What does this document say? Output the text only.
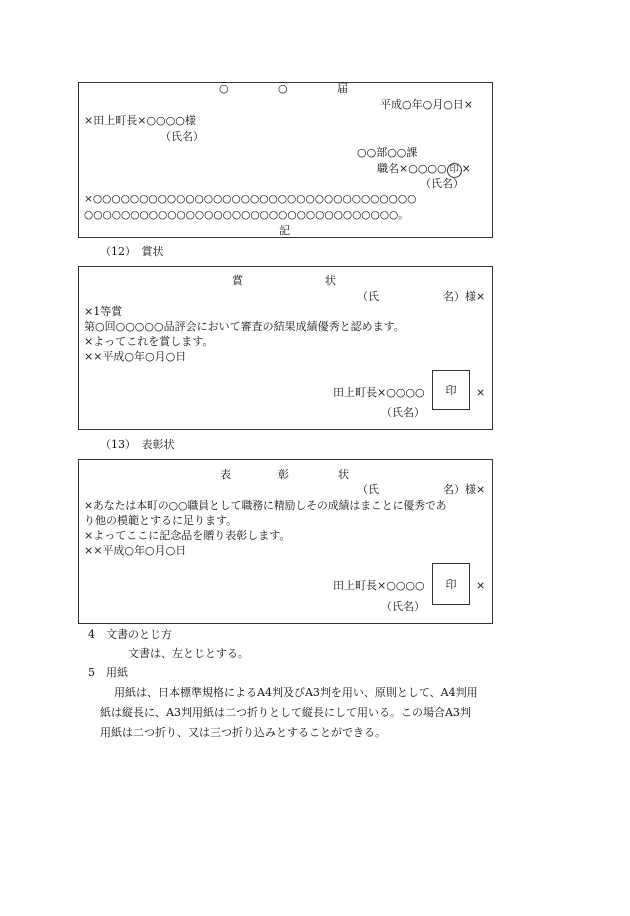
○	○	届
平成○年○月○日×
×田上町長×○○○○様
（氏名）
○○部○○課
職名×○○○○ 印 ×
（氏名）
×○○○○○○○○○○○○○○○○○○○○○○○○○○○○○○○○○○○
○○○○○○○○○○○○○○○○○○○○○○○○○○○○○○○○○○。
記
（12）　賞状
賞	状
（氏	名）様×
×1等賞
第○回○○○○○品評会において審査の結果成績優秀と認めます。
×よってこれを賞します。
××平成○年○月○日
田上町長×○○○○ 印 ×
（氏名）
（13）　表彰状
表	彰	状
（氏	名）様×
×あなたは本町の○○職員として職務に精励しその成績はまことに優秀であ
り他の模範とするに足ります。
×よってここに記念品を贈り表彰します。
××平成○年○月○日
田上町長×○○○○ 印 ×
（氏名）
4　文書のとじ方
文書は、左とじとする。
5　用紙
用紙は、日本標準規格によるA4判及びA3判を用い、原則として、A4判用
紙は縦長に、A3判用紙は二つ折りとして縦長にして用いる。この場合A3判
用紙は二つ折り、又は三つ折り込みとすることができる。
